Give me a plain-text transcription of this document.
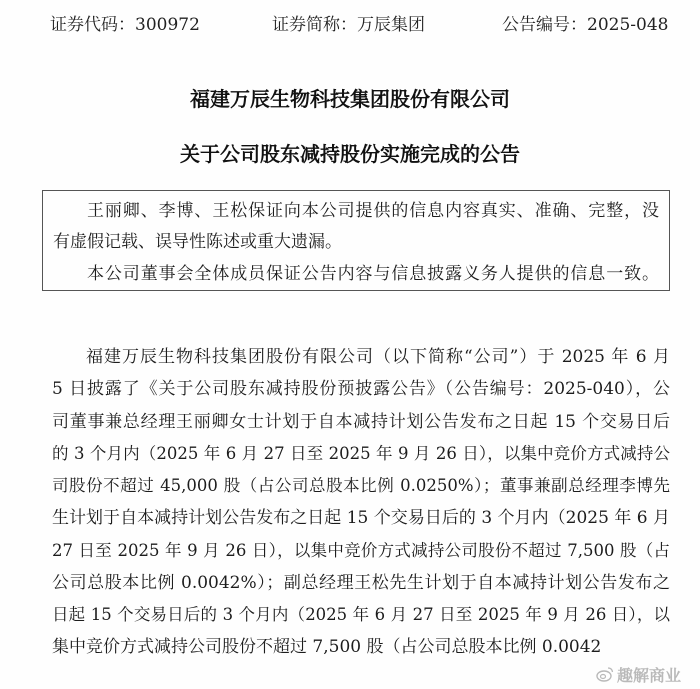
证券代码：300972	证券简称：万辰集团	公告编号：2025-048
福建万辰生物科技集团股份有限公司
关于公司股东减持股份实施完成的公告
王丽卿、李博、王松保证向本公司提供的信息内容真实、准确、完整，没
有虚假记载、误导性陈述或重大遗漏。
本公司董事会全体成员保证公告内容与信息披露义务人提供的信息一致。
福建万辰生物科技集团股份有限公司（以下简称“公司”）于 2025 年 6 月
5 日披露了《关于公司股东减持股份预披露公告》（公告编号：2025-040），公
司董事兼总经理王丽卿女士计划于自本减持计划公告发布之日起 15 个交易日后
的 3 个月内（2025 年 6 月 27 日至 2025 年 9 月 26 日），以集中竞价方式减持公
司股份不超过 45,000 股（占公司总股本比例 0.0250%）；董事兼副总经理李博先
生计划于自本减持计划公告发布之日起 15 个交易日后的 3 个月内（2025 年 6 月
27 日至 2025 年 9 月 26 日），以集中竞价方式减持公司股份不超过 7,500 股（占
公司总股本比例 0.0042%）；副总经理王松先生计划于自本减持计划公告发布之
日起 15 个交易日后的 3 个月内（2025 年 6 月 27 日至 2025 年 9 月 26 日），以
集中竞价方式减持公司股份不超过 7,500 股（占公司总股本比例 0.0042
趣解商业
